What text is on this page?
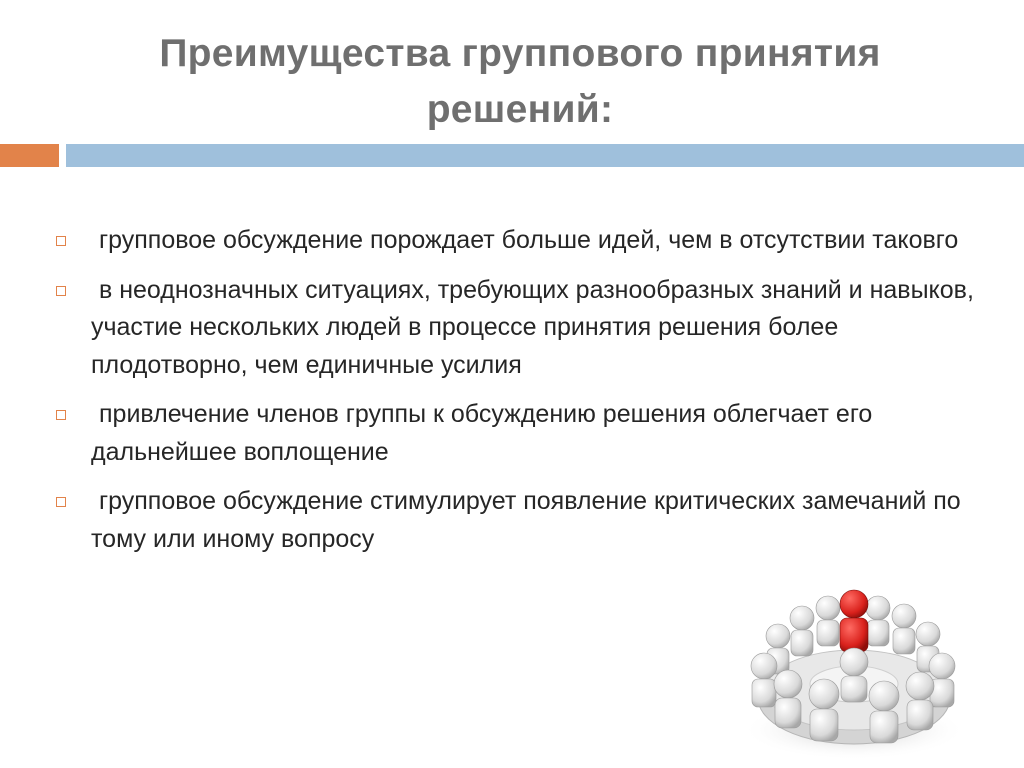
Преимущества группового принятия
решений:
групповое обсуждение порождает больше идей, чем в отсутствии таковго
в неоднозначных ситуациях, требующих разнообразных знаний и навыков, участие нескольких людей в процессе принятия решения более плодотворно, чем единичные усилия
привлечение членов группы к обсуждению решения облегчает его дальнейшее воплощение
групповое обсуждение стимулирует появление критических замечаний по тому или иному вопросу
